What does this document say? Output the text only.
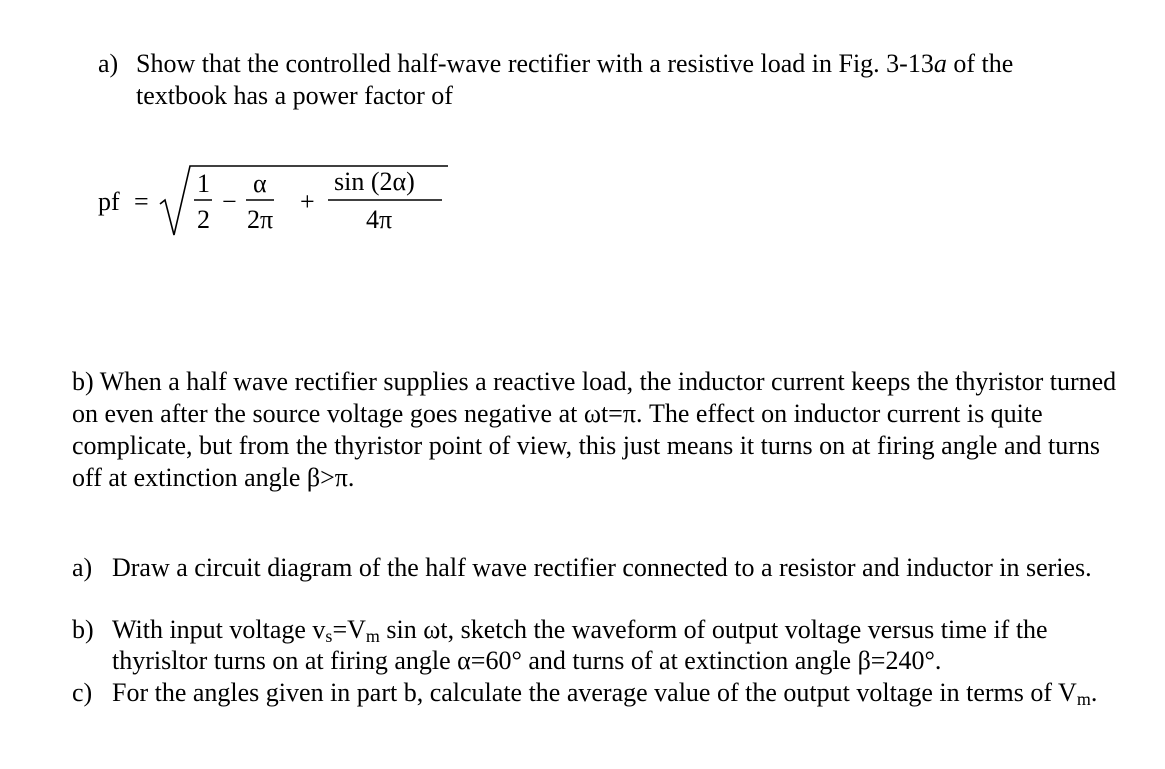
a) Show that the controlled half-wave rectifier with a resistive load in Fig. 3-13a of the
textbook has a power factor of
pf =
1
2
−
α
2π
+
sin (2α)
4π
b) When a half wave rectifier supplies a reactive load, the inductor current keeps the thyristor turned on even after the source voltage goes negative at ωt=π. The effect on inductor current is quite complicate, but from the thyristor point of view, this just means it turns on at firing angle and turns off at extinction angle β>π.
a) Draw a circuit diagram of the half wave rectifier connected to a resistor and inductor in series.
b) With input voltage $v_s=V_m$ sin ωt, sketch the waveform of output voltage versus time if the thyrisltor turns on at firing angle α=60° and turns of at extinction angle β=240°.
c) For the angles given in part b, calculate the average value of the output voltage in terms of $V_m$.
